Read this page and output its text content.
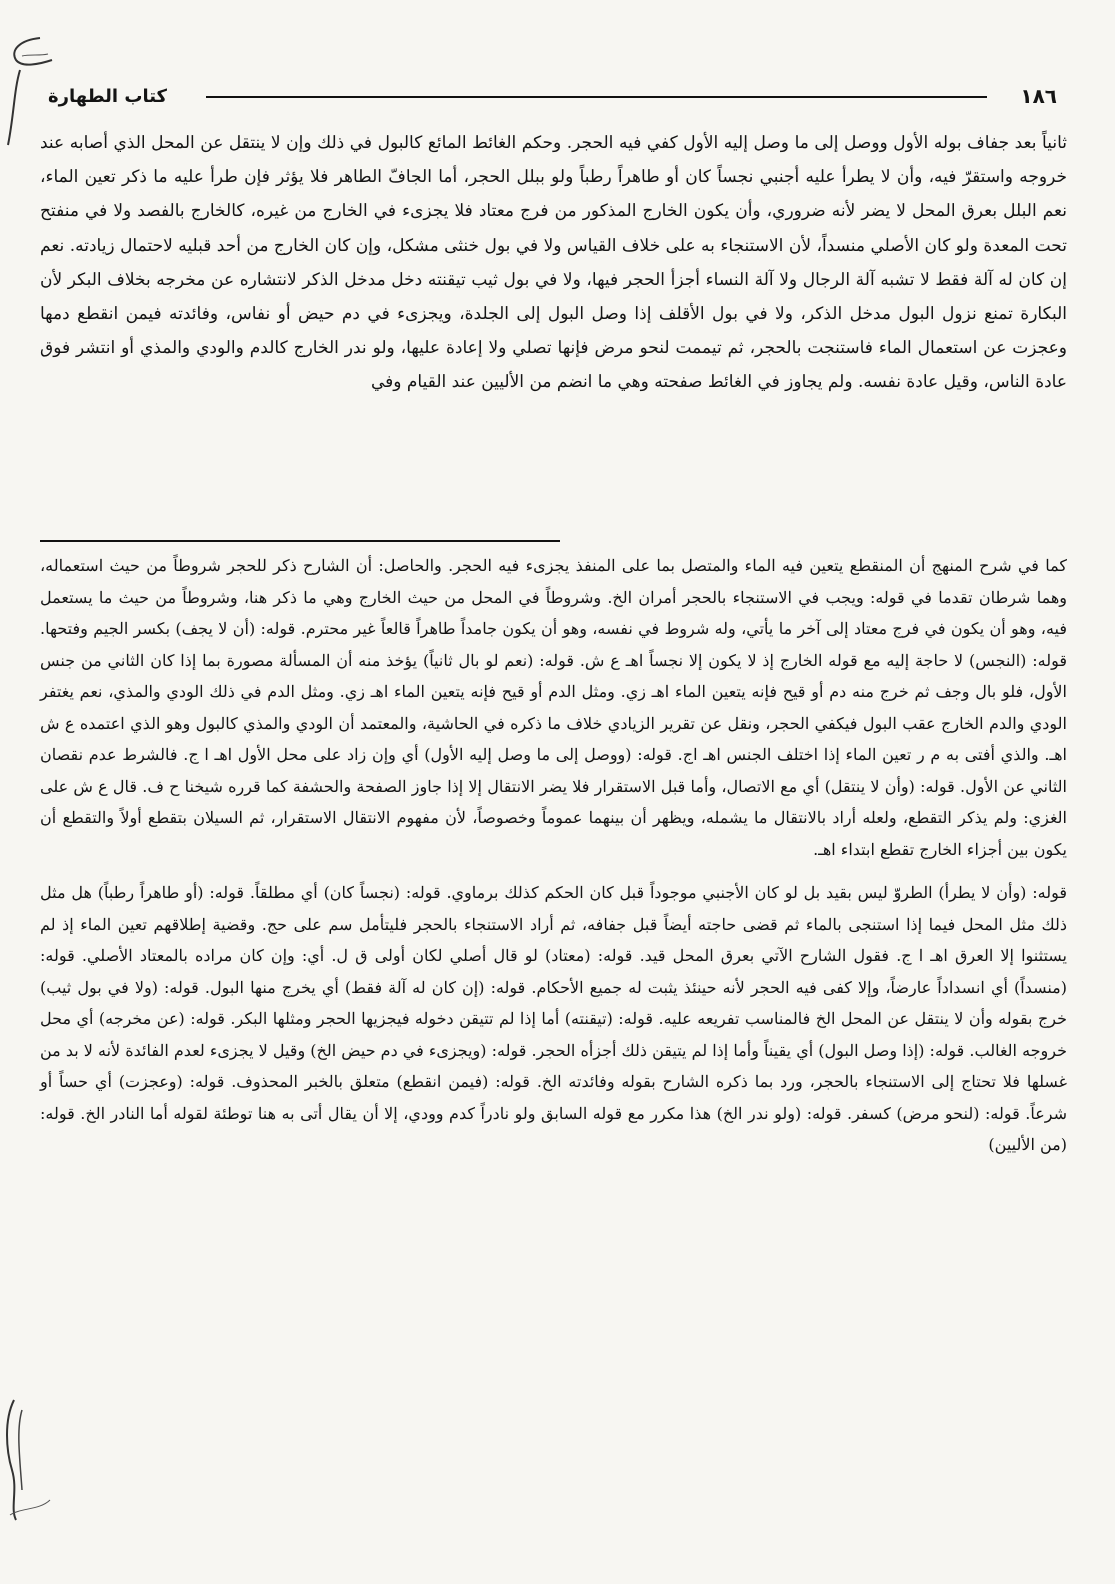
١٨٦
كتاب الطهارة

ثانياً بعد جفاف بوله الأول ووصل إلى ما وصل إليه الأول كفي فيه الحجر. وحكم الغائط المائع كالبول في ذلك وإن لا ينتقل عن المحل الذي أصابه عند خروجه واستقرّ فيه، وأن لا يطرأ عليه أجنبي نجساً كان أو طاهراً رطباً ولو ببلل الحجر، أما الجافّ الطاهر فلا يؤثر فإن طرأ عليه ما ذكر تعين الماء، نعم البلل بعرق المحل لا يضر لأنه ضروري، وأن يكون الخارج المذكور من فرج معتاد فلا يجزىء في الخارج من غيره، كالخارج بالفصد ولا في منفتح تحت المعدة ولو كان الأصلي منسداً، لأن الاستنجاء به على خلاف القياس ولا في بول خنثى مشكل، وإن كان الخارج من أحد قبليه لاحتمال زيادته. نعم إن كان له آلة فقط لا تشبه آلة الرجال ولا آلة النساء أجزأ الحجر فيها، ولا في بول ثيب تيقنته دخل مدخل الذكر لانتشاره عن مخرجه بخلاف البكر لأن البكارة تمنع نزول البول مدخل الذكر، ولا في بول الأقلف إذا وصل البول إلى الجلدة، ويجزىء في دم حيض أو نفاس، وفائدته فيمن انقطع دمها وعجزت عن استعمال الماء فاستنجت بالحجر، ثم تيممت لنحو مرض فإنها تصلي ولا إعادة عليها، ولو ندر الخارج كالدم والودي والمذي أو انتشر فوق عادة الناس، وقيل عادة نفسه. ولم يجاوز في الغائط صفحته وهي ما انضم من الأليين عند القيام وفي

كما في شرح المنهج أن المنقطع يتعين فيه الماء والمتصل بما على المنفذ يجزىء فيه الحجر. والحاصل: أن الشارح ذكر للحجر شروطاً من حيث استعماله، وهما شرطان تقدما في قوله: ويجب في الاستنجاء بالحجر أمران الخ. وشروطاً في المحل من حيث الخارج وهي ما ذكر هنا، وشروطاً من حيث ما يستعمل فيه، وهو أن يكون في فرج معتاد إلى آخر ما يأتي، وله شروط في نفسه، وهو أن يكون جامداً طاهراً قالعاً غير محترم. قوله: (أن لا يجف) بكسر الجيم وفتحها. قوله: (النجس) لا حاجة إليه مع قوله الخارج إذ لا يكون إلا نجساً اهـ ع ش. قوله: (نعم لو بال ثانياً) يؤخذ منه أن المسألة مصورة بما إذا كان الثاني من جنس الأول، فلو بال وجف ثم خرج منه دم أو قيح فإنه يتعين الماء اهـ زي. ومثل الدم أو قيح فإنه يتعين الماء اهـ زي. ومثل الدم في ذلك الودي والمذي، نعم يغتفر الودي والدم الخارج عقب البول فيكفي الحجر، ونقل عن تقرير الزيادي خلاف ما ذكره في الحاشية، والمعتمد أن الودي والمذي كالبول وهو الذي اعتمده ع ش اهـ. والذي أفتى به م ر تعين الماء إذا اختلف الجنس اهـ اج. قوله: (ووصل إلى ما وصل إليه الأول) أي وإن زاد على محل الأول اهـ ا ج. فالشرط عدم نقصان الثاني عن الأول. قوله: (وأن لا ينتقل) أي مع الاتصال، وأما قبل الاستقرار فلا يضر الانتقال إلا إذا جاوز الصفحة والحشفة كما قرره شيخنا ح ف. قال ع ش على الغزي: ولم يذكر التقطع، ولعله أراد بالانتقال ما يشمله، ويظهر أن بينهما عموماً وخصوصاً، لأن مفهوم الانتقال الاستقرار، ثم السيلان بتقطع أولاً والتقطع أن يكون بين أجزاء الخارج تقطع ابتداء اهـ.

قوله: (وأن لا يطرأ) الطروّ ليس بقيد بل لو كان الأجنبي موجوداً قبل كان الحكم كذلك برماوي. قوله: (نجساً كان) أي مطلقاً. قوله: (أو طاهراً رطباً) هل مثل ذلك مثل المحل فيما إذا استنجى بالماء ثم قضى حاجته أيضاً قبل جفافه، ثم أراد الاستنجاء بالحجر فليتأمل سم على حج. وقضية إطلاقهم تعين الماء إذ لم يستثنوا إلا العرق اهـ ا ج. فقول الشارح الآتي بعرق المحل قيد. قوله: (معتاد) لو قال أصلي لكان أولى ق ل. أي: وإن كان مراده بالمعتاد الأصلي. قوله: (منسداً) أي انسداداً عارضاً، وإلا كفى فيه الحجر لأنه حينئذ يثبت له جميع الأحكام. قوله: (إن كان له آلة فقط) أي يخرج منها البول. قوله: (ولا في بول ثيب) خرج بقوله وأن لا ينتقل عن المحل الخ فالمناسب تفريعه عليه. قوله: (تيقنته) أما إذا لم تتيقن دخوله فيجزيها الحجر ومثلها البكر. قوله: (عن مخرجه) أي محل خروجه الغالب. قوله: (إذا وصل البول) أي يقيناً وأما إذا لم يتيقن ذلك أجزأه الحجر. قوله: (ويجزىء في دم حيض الخ) وقيل لا يجزىء لعدم الفائدة لأنه لا بد من غسلها فلا تحتاج إلى الاستنجاء بالحجر، ورد بما ذكره الشارح بقوله وفائدته الخ. قوله: (فيمن انقطع) متعلق بالخبر المحذوف. قوله: (وعجزت) أي حساً أو شرعاً. قوله: (لنحو مرض) كسفر. قوله: (ولو ندر الخ) هذا مكرر مع قوله السابق ولو نادراً كدم وودي، إلا أن يقال أتى به هنا توطئة لقوله أما النادر الخ. قوله: (من الأليين)
